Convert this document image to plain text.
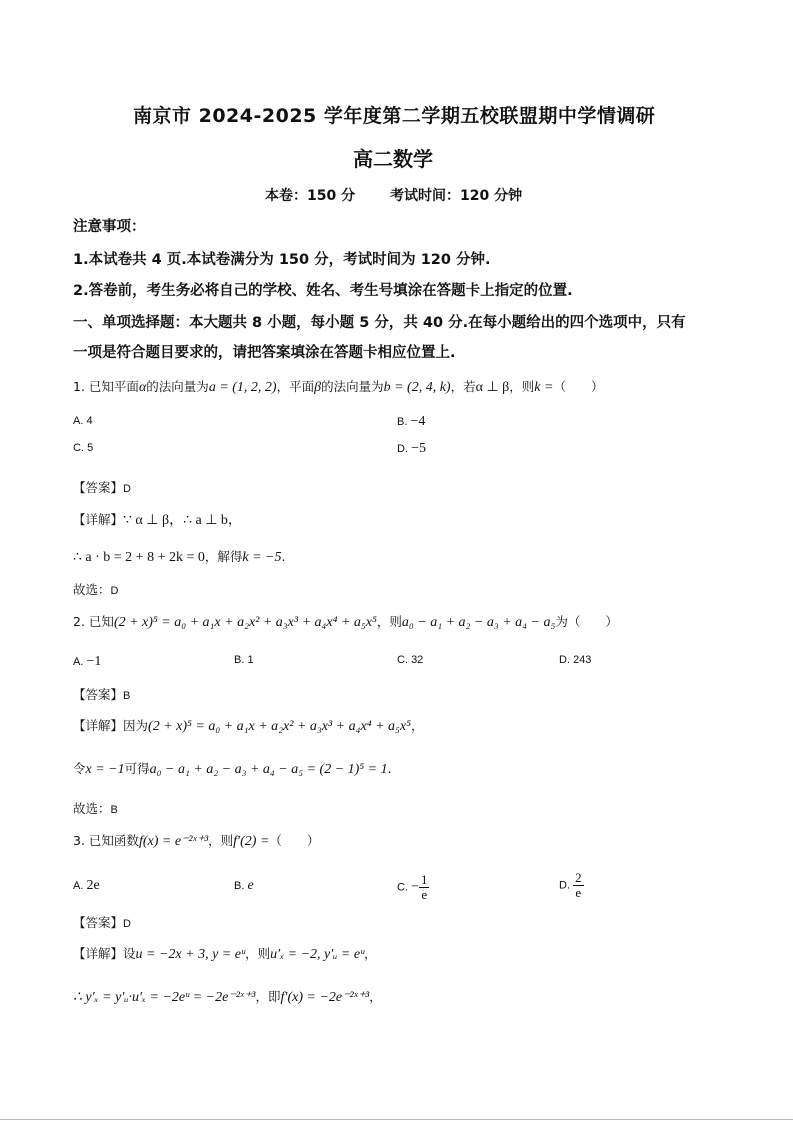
南京市 2024-2025 学年度第二学期五校联盟期中学情调研
高二数学
本卷：150 分 考试时间：120 分钟
注意事项：
1.本试卷共 4 页.本试卷满分为 150 分，考试时间为 120 分钟.
2.答卷前，考生务必将自己的学校、姓名、考生号填涂在答题卡上指定的位置.
一、单项选择题：本大题共 8 小题，每小题 5 分，共 40 分.在每小题给出的四个选项中，只有
一项是符合题目要求的，请把答案填涂在答题卡相应位置上.
1. 已知平面α的法向量为a = (1, 2, 2)，平面β的法向量为b = (2, 4, k)，若α ⊥ β，则k =（　　）
A. 4	B. −4
C. 5	D. −5
【答案】D
【详解】∵ α ⊥ β，∴ a ⊥ b，
∴ a · b = 2 + 8 + 2k = 0，解得k = −5.
故选：D
2. 已知(2 + x)⁵ = a₀ + a₁x + a₂x² + a₃x³ + a₄x⁴ + a₅x⁵，则a₀ − a₁ + a₂ − a₃ + a₄ − a₅为（　　）
A. −1	B. 1	C. 32	D. 243
【答案】B
【详解】因为(2 + x)⁵ = a₀ + a₁x + a₂x² + a₃x³ + a₄x⁴ + a₅x⁵，
令x = −1可得a₀ − a₁ + a₂ − a₃ + a₄ − a₅ = (2 − 1)⁵ = 1.
故选：B
3. 已知函数f(x) = e⁻²ˣ⁺³，则f′(2) =（　　）
A. 2e	B. e	C. − $\frac{1}{e}$	D. $\frac{2}{e}$
【答案】D
【详解】设u = −2x + 3, y = eᵘ，则u′ₓ = −2, y′ᵤ = eᵘ，
∴ y′ₓ = y′ᵤ·u′ₓ = −2eᵘ = −2e⁻²ˣ⁺³，即f′(x) = −2e⁻²ˣ⁺³，
